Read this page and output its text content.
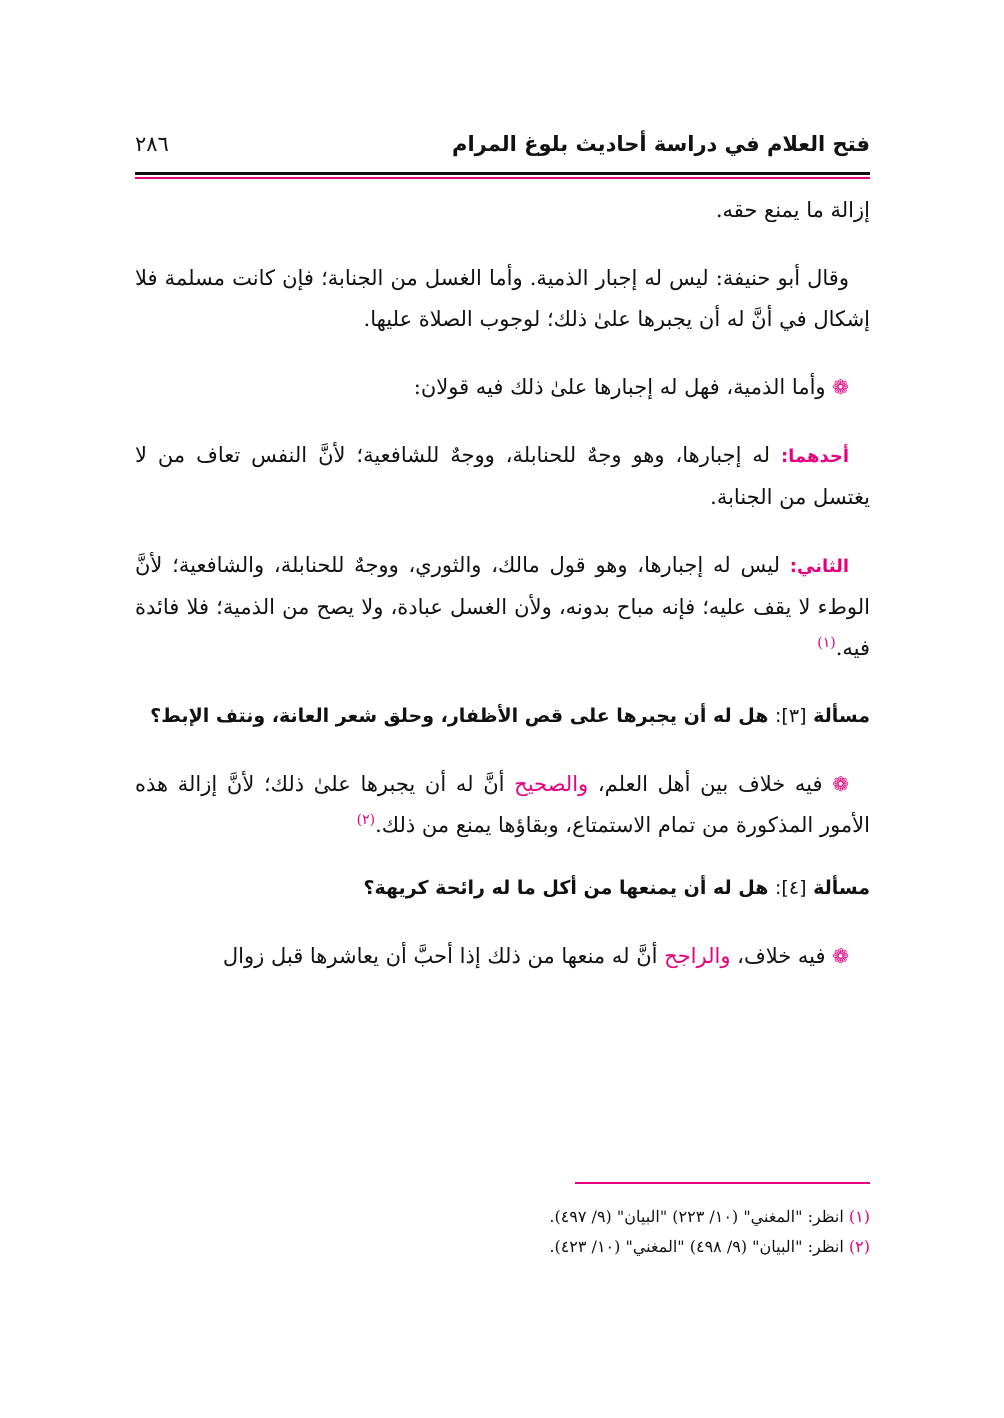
فتح العلام في دراسة أحاديث بلوغ المرام
٢٨٦

إزالة ما يمنع حقه.

 وقال أبو حنيفة: ليس له إجبار الذمية. وأما الغسل من الجنابة؛ فإن كانت مسلمة فلا إشكال في أنَّ له أن يجبرها علىٰ ذلك؛ لوجوب الصلاة عليها.

 ❁ وأما الذمية، فهل له إجبارها علىٰ ذلك فيه قولان:

 أحدهما: له إجبارها، وهو وجهٌ للحنابلة، ووجهٌ للشافعية؛ لأنَّ النفس تعاف من لا يغتسل من الجنابة.

 الثاني: ليس له إجبارها، وهو قول مالك، والثوري، ووجهٌ للحنابلة، والشافعية؛ لأنَّ الوطء لا يقف عليه؛ فإنه مباح بدونه، ولأن الغسل عبادة، ولا يصح من الذمية؛ فلا فائدة فيه.$^{(١)}$

مسألة [٣]: هل له أن يجبرها على قص الأظفار، وحلق شعر العانة، ونتف الإبط؟

 ❁ فيه خلاف بين أهل العلم، والصحيح أنَّ له أن يجبرها علىٰ ذلك؛ لأنَّ إزالة هذه الأمور المذكورة من تمام الاستمتاع، وبقاؤها يمنع من ذلك.$^{(٢)}$

مسألة [٤]: هل له أن يمنعها من أكل ما له رائحة كريهة؟

 ❁ فيه خلاف، والراجح أنَّ له منعها من ذلك إذا أحبَّ أن يعاشرها قبل زوال

(١) انظر: "المغني" (١٠/ ٢٢٣) "البيان" (٩/ ٤٩٧).
(٢) انظر: "البيان" (٩/ ٤٩٨) "المغني" (١٠/ ٤٢٣).
